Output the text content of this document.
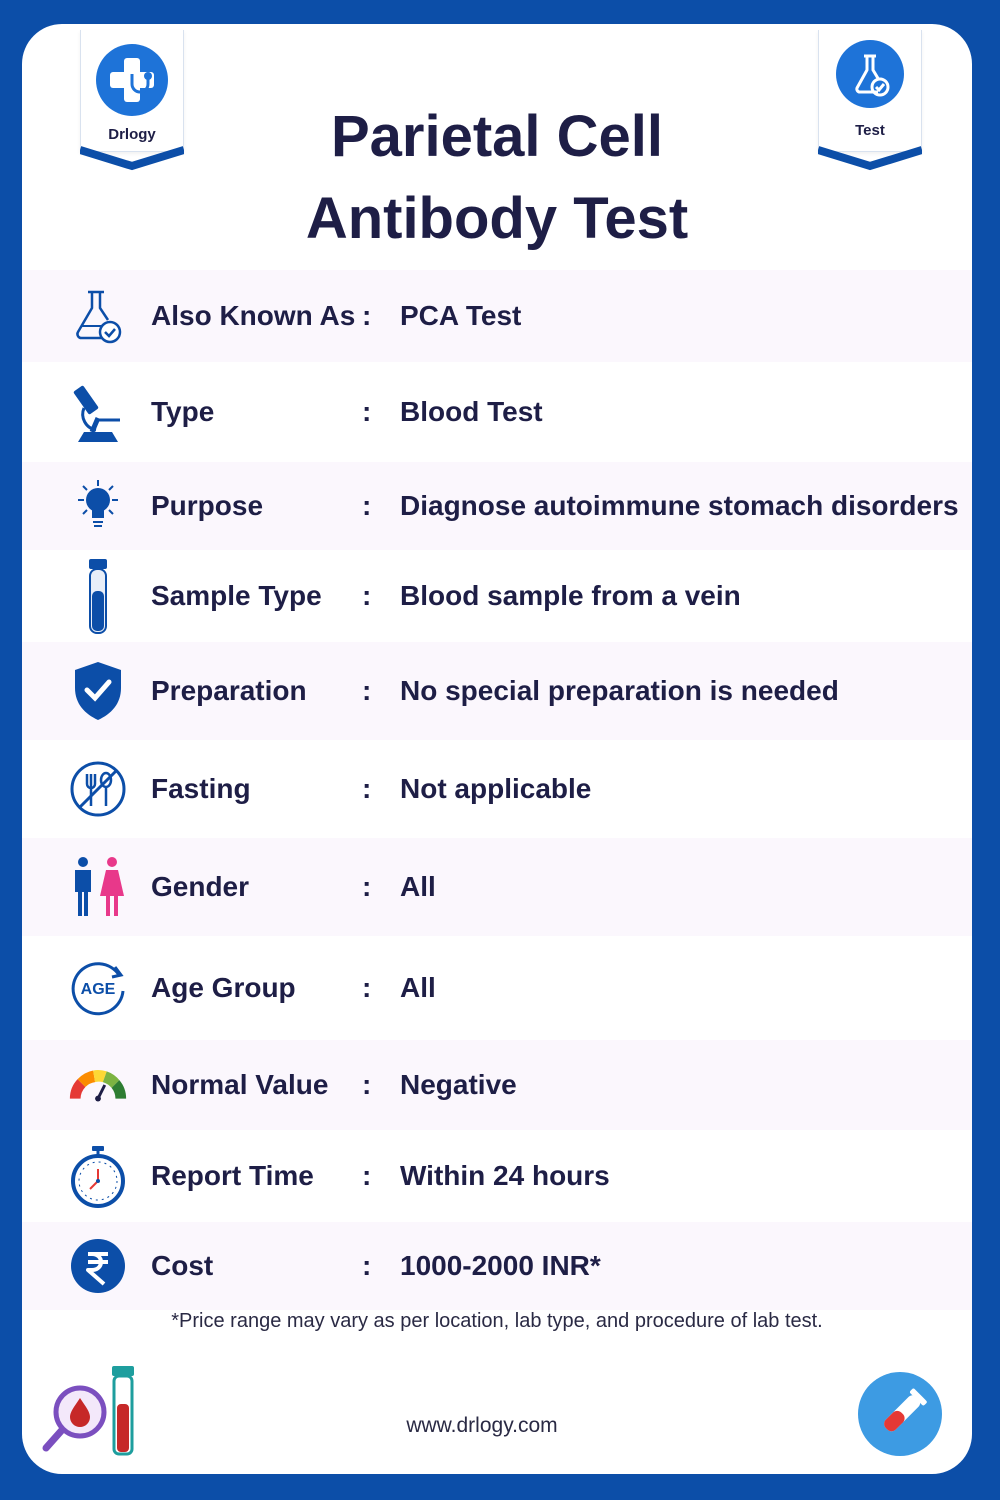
Drlogy	Test
Parietal Cell
Antibody Test
Also Known As : PCA Test
Type	: Blood Test
Purpose	: Diagnose autoimmune stomach disorders
Sample Type : Blood sample from a vein
Preparation : No special preparation is needed
Fasting	: Not applicable
Gender	: All
AGE Age Group : All
Normal Value : Negative
Report Time : Within 24 hours
Cost	: 1000-2000 INR*
*Price range may vary as per location, lab type, and procedure of lab test.
www.drlogy.com
